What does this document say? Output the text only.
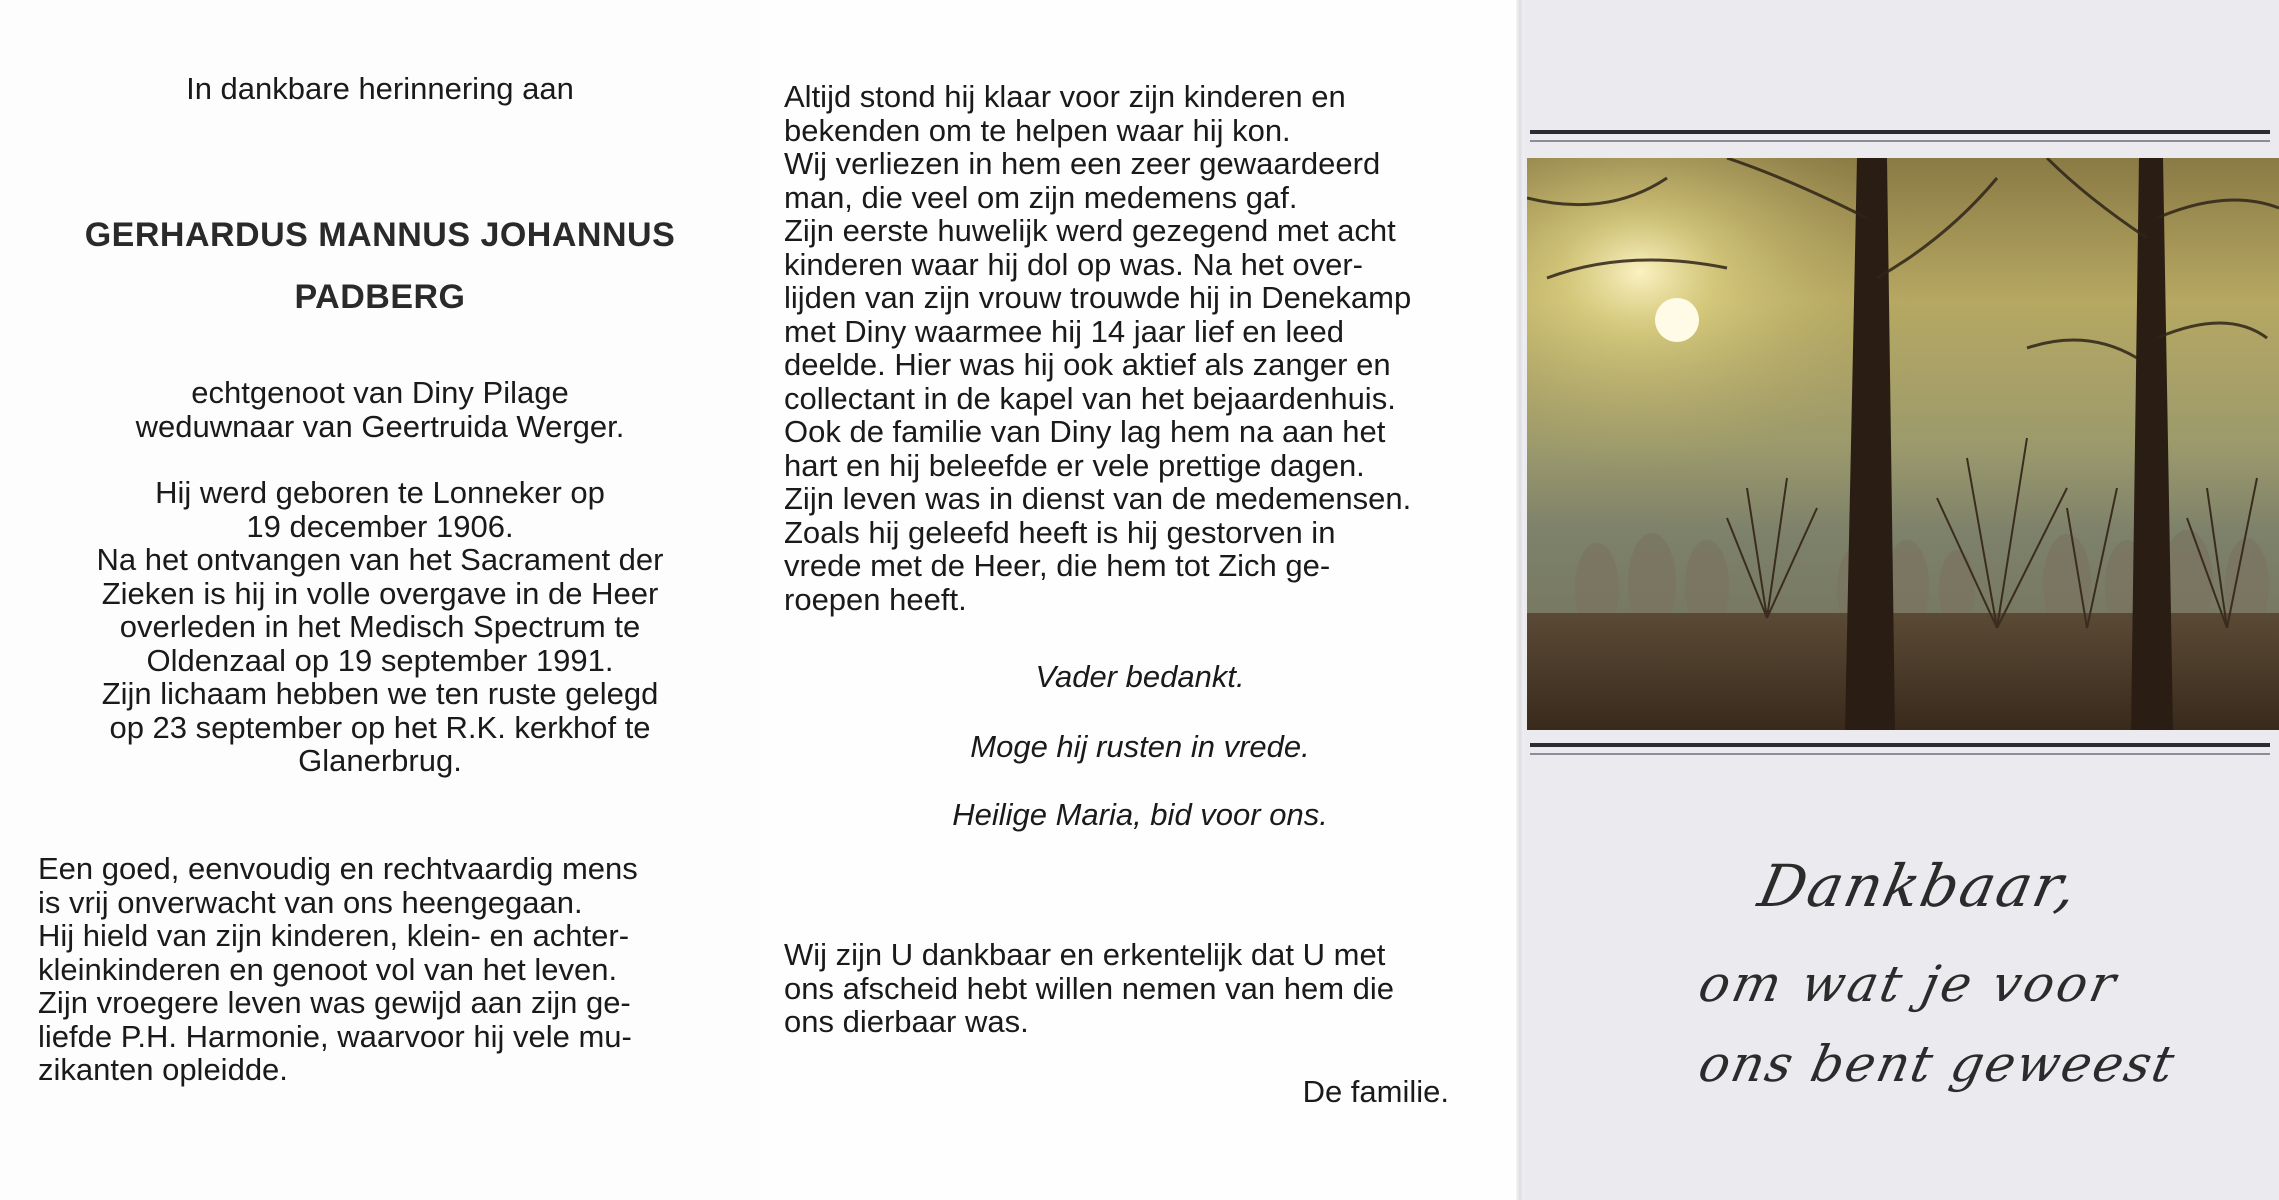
In dankbare herinnering aan
GERHARDUS MANNUS JOHANNUS
PADBERG
echtgenoot van Diny Pilage
weduwnaar van Geertruida Werger.
Hij werd geboren te Lonneker op
19 december 1906.
Na het ontvangen van het Sacrament der
Zieken is hij in volle overgave in de Heer
overleden in het Medisch Spectrum te
Oldenzaal op 19 september 1991.
Zijn lichaam hebben we ten ruste gelegd
op 23 september op het R.K. kerkhof te
Glanerbrug.
Een goed, eenvoudig en rechtvaardig mens
is vrij onverwacht van ons heengegaan.
Hij hield van zijn kinderen, klein- en achter-
kleinkinderen en genoot vol van het leven.
Zijn vroegere leven was gewijd aan zijn ge-
liefde P.H. Harmonie, waarvoor hij vele mu-
zikanten opleidde.
Altijd stond hij klaar voor zijn kinderen en
bekenden om te helpen waar hij kon.
Wij verliezen in hem een zeer gewaardeerd
man, die veel om zijn medemens gaf.
Zijn eerste huwelijk werd gezegend met acht
kinderen waar hij dol op was. Na het over-
lijden van zijn vrouw trouwde hij in Denekamp
met Diny waarmee hij 14 jaar lief en leed
deelde. Hier was hij ook aktief als zanger en
collectant in de kapel van het bejaardenhuis.
Ook de familie van Diny lag hem na aan het
hart en hij beleefde er vele prettige dagen.
Zijn leven was in dienst van de medemensen.
Zoals hij geleefd heeft is hij gestorven in
vrede met de Heer, die hem tot Zich ge-
roepen heeft.
Vader bedankt.
Moge hij rusten in vrede.
Heilige Maria, bid voor ons.
Wij zijn U dankbaar en erkentelijk dat U met
ons afscheid hebt willen nemen van hem die
ons dierbaar was.
De familie.
Dankbaar,
om wat je voor
ons bent geweest
